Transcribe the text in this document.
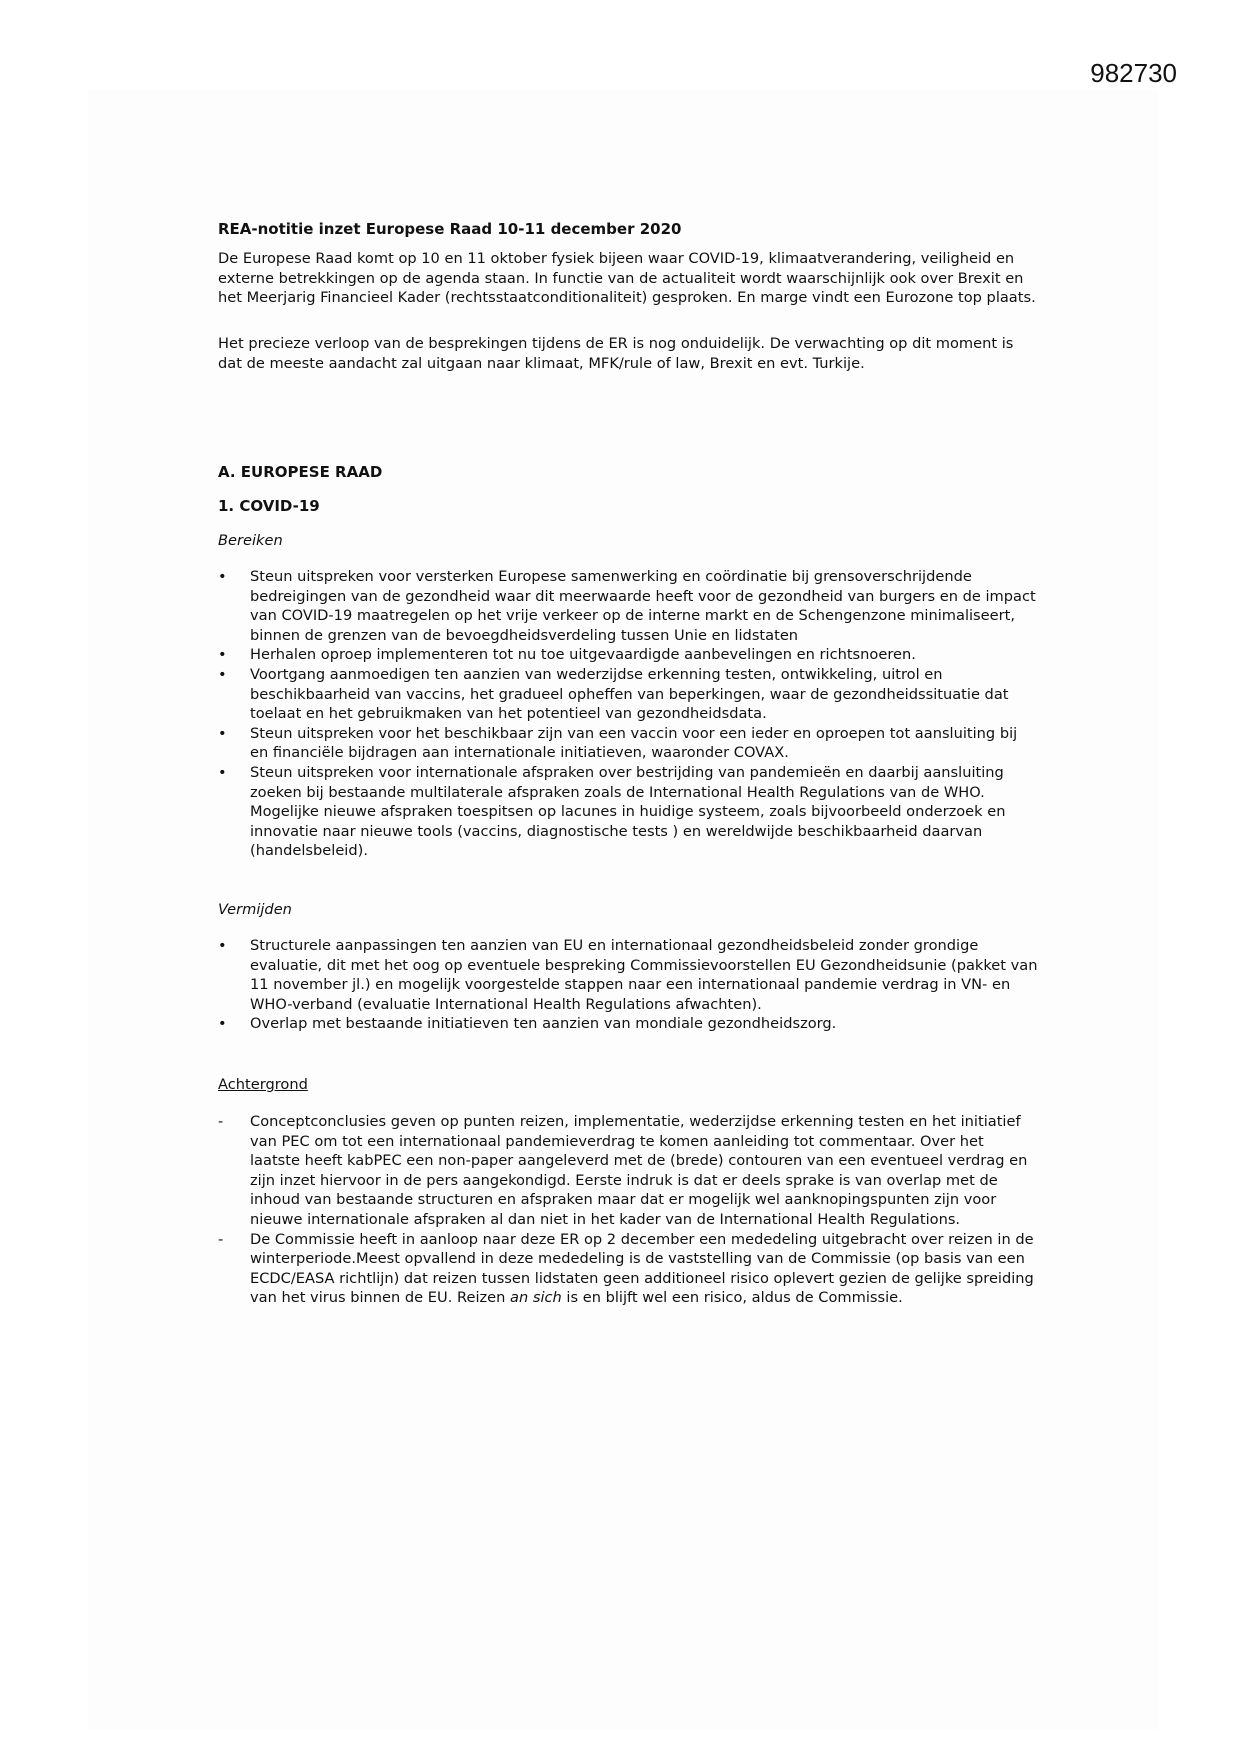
982730
REA-notitie inzet Europese Raad 10-11 december 2020

De Europese Raad komt op 10 en 11 oktober fysiek bijeen waar COVID-19, klimaatverandering, veiligheid en externe betrekkingen op de agenda staan. In functie van de actualiteit wordt waarschijnlijk ook over Brexit en het Meerjarig Financieel Kader (rechtsstaatconditionaliteit) gesproken. En marge vindt een Eurozone top plaats.

Het precieze verloop van de besprekingen tijdens de ER is nog onduidelijk. De verwachting op dit moment is dat de meeste aandacht zal uitgaan naar klimaat, MFK/rule of law, Brexit en evt. Turkije.

A. EUROPESE RAAD
1. COVID-19
Bereiken
•	Steun uitspreken voor versterken Europese samenwerking en coördinatie bij grensoverschrijdende bedreigingen van de gezondheid waar dit meerwaarde heeft voor de gezondheid van burgers en de impact van COVID-19 maatregelen op het vrije verkeer op de interne markt en de Schengenzone minimaliseert, binnen de grenzen van de bevoegdheidsverdeling tussen Unie en lidstaten
•	Herhalen oproep implementeren tot nu toe uitgevaardigde aanbevelingen en richtsnoeren.
•	Voortgang aanmoedigen ten aanzien van wederzijdse erkenning testen, ontwikkeling, uitrol en beschikbaarheid van vaccins, het gradueel opheffen van beperkingen, waar de gezondheidssituatie dat toelaat en het gebruikmaken van het potentieel van gezondheidsdata.
•	Steun uitspreken voor het beschikbaar zijn van een vaccin voor een ieder en oproepen tot aansluiting bij en financiële bijdragen aan internationale initiatieven, waaronder COVAX.
•	Steun uitspreken voor internationale afspraken over bestrijding van pandemieën en daarbij aansluiting zoeken bij bestaande multilaterale afspraken zoals de International Health Regulations van de WHO. Mogelijke nieuwe afspraken toespitsen op lacunes in huidige systeem, zoals bijvoorbeeld onderzoek en innovatie naar nieuwe tools (vaccins, diagnostische tests ) en wereldwijde beschikbaarheid daarvan (handelsbeleid).
Vermijden
•	Structurele aanpassingen ten aanzien van EU en internationaal gezondheidsbeleid zonder grondige evaluatie, dit met het oog op eventuele bespreking Commissievoorstellen EU Gezondheidsunie (pakket van 11 november jl.) en mogelijk voorgestelde stappen naar een internationaal pandemie verdrag in VN- en WHO-verband (evaluatie International Health Regulations afwachten).
•	Overlap met bestaande initiatieven ten aanzien van mondiale gezondheidszorg.
Achtergrond
-	Conceptconclusies geven op punten reizen, implementatie, wederzijdse erkenning testen en het initiatief van PEC om tot een internationaal pandemieverdrag te komen aanleiding tot commentaar. Over het laatste heeft kabPEC een non-paper aangeleverd met de (brede) contouren van een eventueel verdrag en zijn inzet hiervoor in de pers aangekondigd. Eerste indruk is dat er deels sprake is van overlap met de inhoud van bestaande structuren en afspraken maar dat er mogelijk wel aanknopingspunten zijn voor nieuwe internationale afspraken al dan niet in het kader van de International Health Regulations.
-	De Commissie heeft in aanloop naar deze ER op 2 december een mededeling uitgebracht over reizen in de winterperiode.Meest opvallend in deze mededeling is de vaststelling van de Commissie (op basis van een ECDC/EASA richtlijn) dat reizen tussen lidstaten geen additioneel risico oplevert gezien de gelijke spreiding van het virus binnen de EU. Reizen an sich is en blijft wel een risico, aldus de Commissie.
